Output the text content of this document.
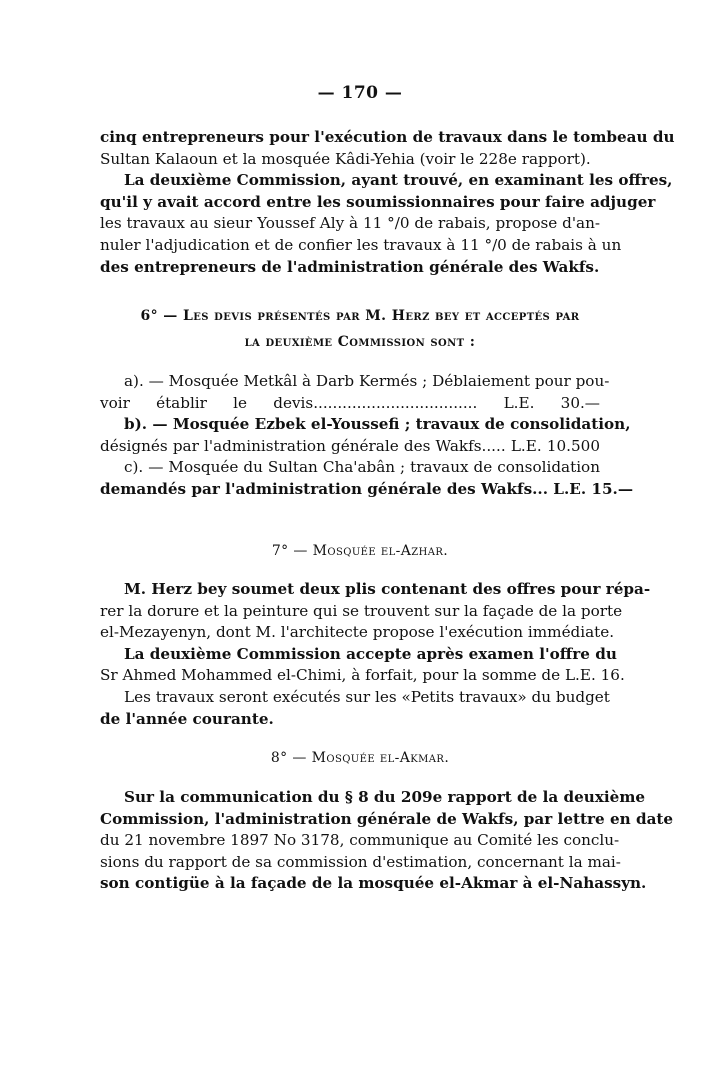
— 170 —
cinq entrepreneurs pour l'exécution de travaux dans le tombeau du
Sultan Kalaoun et la mosquée Kâdi-Yehia (voir le 228e rapport).
La deuxième Commission, ayant trouvé, en examinant les offres,
qu'il y avait accord entre les soumissionnaires pour faire adjuger
les travaux au sieur Youssef Aly à 11 °/0 de rabais, propose d'an-
nuler l'adjudication et de confier les travaux à 11 °/0 de rabais à un
des entrepreneurs de l'administration générale des Wakfs.
6° — Les devis présentés par M. Herz bey et acceptés par
la deuxième Commission sont :
a). — Mosquée Metkâl à Darb Kermés ; Déblaiement pour pou-
voir établir le devis.................................. L.E. 30.—
b). — Mosquée Ezbek el-Youssefi ; travaux de consolidation,
désignés par l'administration générale des Wakfs..... L.E. 10.500
c). — Mosquée du Sultan Cha'abân ; travaux de consolidation
demandés par l'administration générale des Wakfs... L.E. 15.—
7° — Mosquée el-Azhar.
M. Herz bey soumet deux plis contenant des offres pour répa-
rer la dorure et la peinture qui se trouvent sur la façade de la porte
el-Mezayenyn, dont M. l'architecte propose l'exécution immédiate.
La deuxième Commission accepte après examen l'offre du
Sr Ahmed Mohammed el-Chimi, à forfait, pour la somme de L.E. 16.
Les travaux seront exécutés sur les «Petits travaux» du budget
de l'année courante.
8° — Mosquée el-Akmar.
Sur la communication du § 8 du 209e rapport de la deuxième
Commission, l'administration générale de Wakfs, par lettre en date
du 21 novembre 1897 No 3178, communique au Comité les conclu-
sions du rapport de sa commission d'estimation, concernant la mai-
son contigüe à la façade de la mosquée el-Akmar à el-Nahassyn.
